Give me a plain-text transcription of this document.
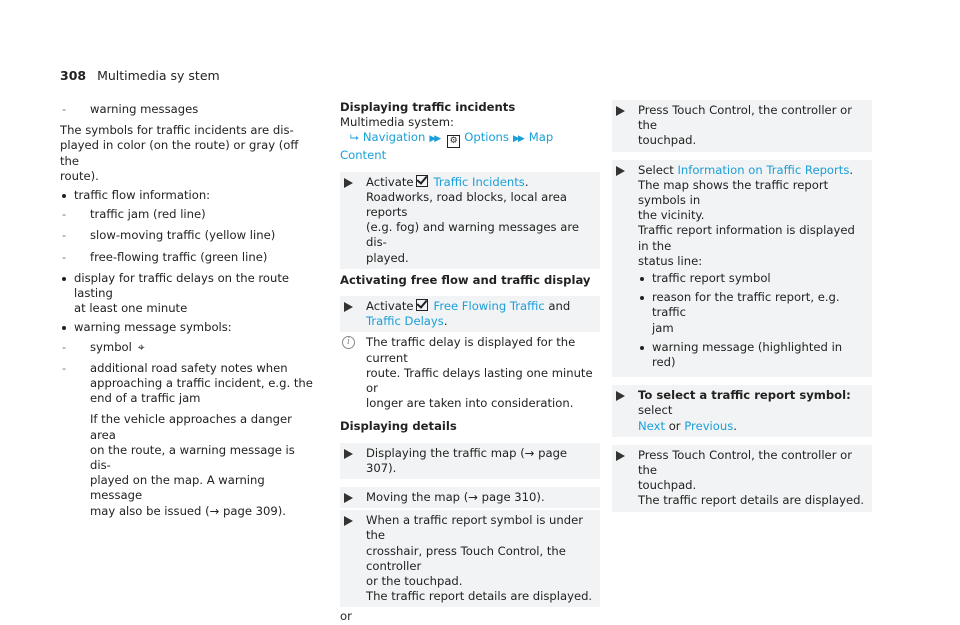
308 Multimedia sy stem
- warning messages

The symbols for traffic incidents are dis-
played in color (on the route) or gray (off the
route).

traffic flow information:
- traffic jam (red line)
- slow-moving traffic (yellow line)
- free-flowing traffic (green line)
display for traffic delays on the route lasting
at least one minute
warning message symbols:
- symbol ⌖
- additional road safety notes when
approaching a traffic incident, e.g. the
end of a traffic jam

If the vehicle approaches a danger area
on the route, a warning message is dis-
played on the map. A warning message
may also be issued (→ page 309).

Displaying traffic incidents

Multimedia system:

⮡ Navigation ▶▶ ⚙ Options ▶▶ Map
Content

Activate Traffic Incidents.
Roadworks, road blocks, local area reports
(e.g. fog) and warning messages are dis-
played.

Activating free flow and traffic display

Activate Free Flowing Traffic and Traffic Delays.
i	The traffic delay is displayed for the current
route. Traffic delays lasting one minute or
longer are taken into consideration.

Displaying details

Displaying the traffic map (→ page 307).
Moving the map (→ page 310).
When a traffic report symbol is under the
crosshair, press Touch Control, the controller
or the touchpad.
The traffic report details are displayed.

or

Press Touch Control, the controller or the
touchpad.
Select Information on Traffic Reports.
The map shows the traffic report symbols in
the vicinity.
Traffic report information is displayed in the
status line:
traffic report symbol
reason for the traffic report, e.g. traffic
jam
warning message (highlighted in red)
To select a traffic report symbol: select
Next or Previous.
Press Touch Control, the controller or the
touchpad.
The traffic report details are displayed.
